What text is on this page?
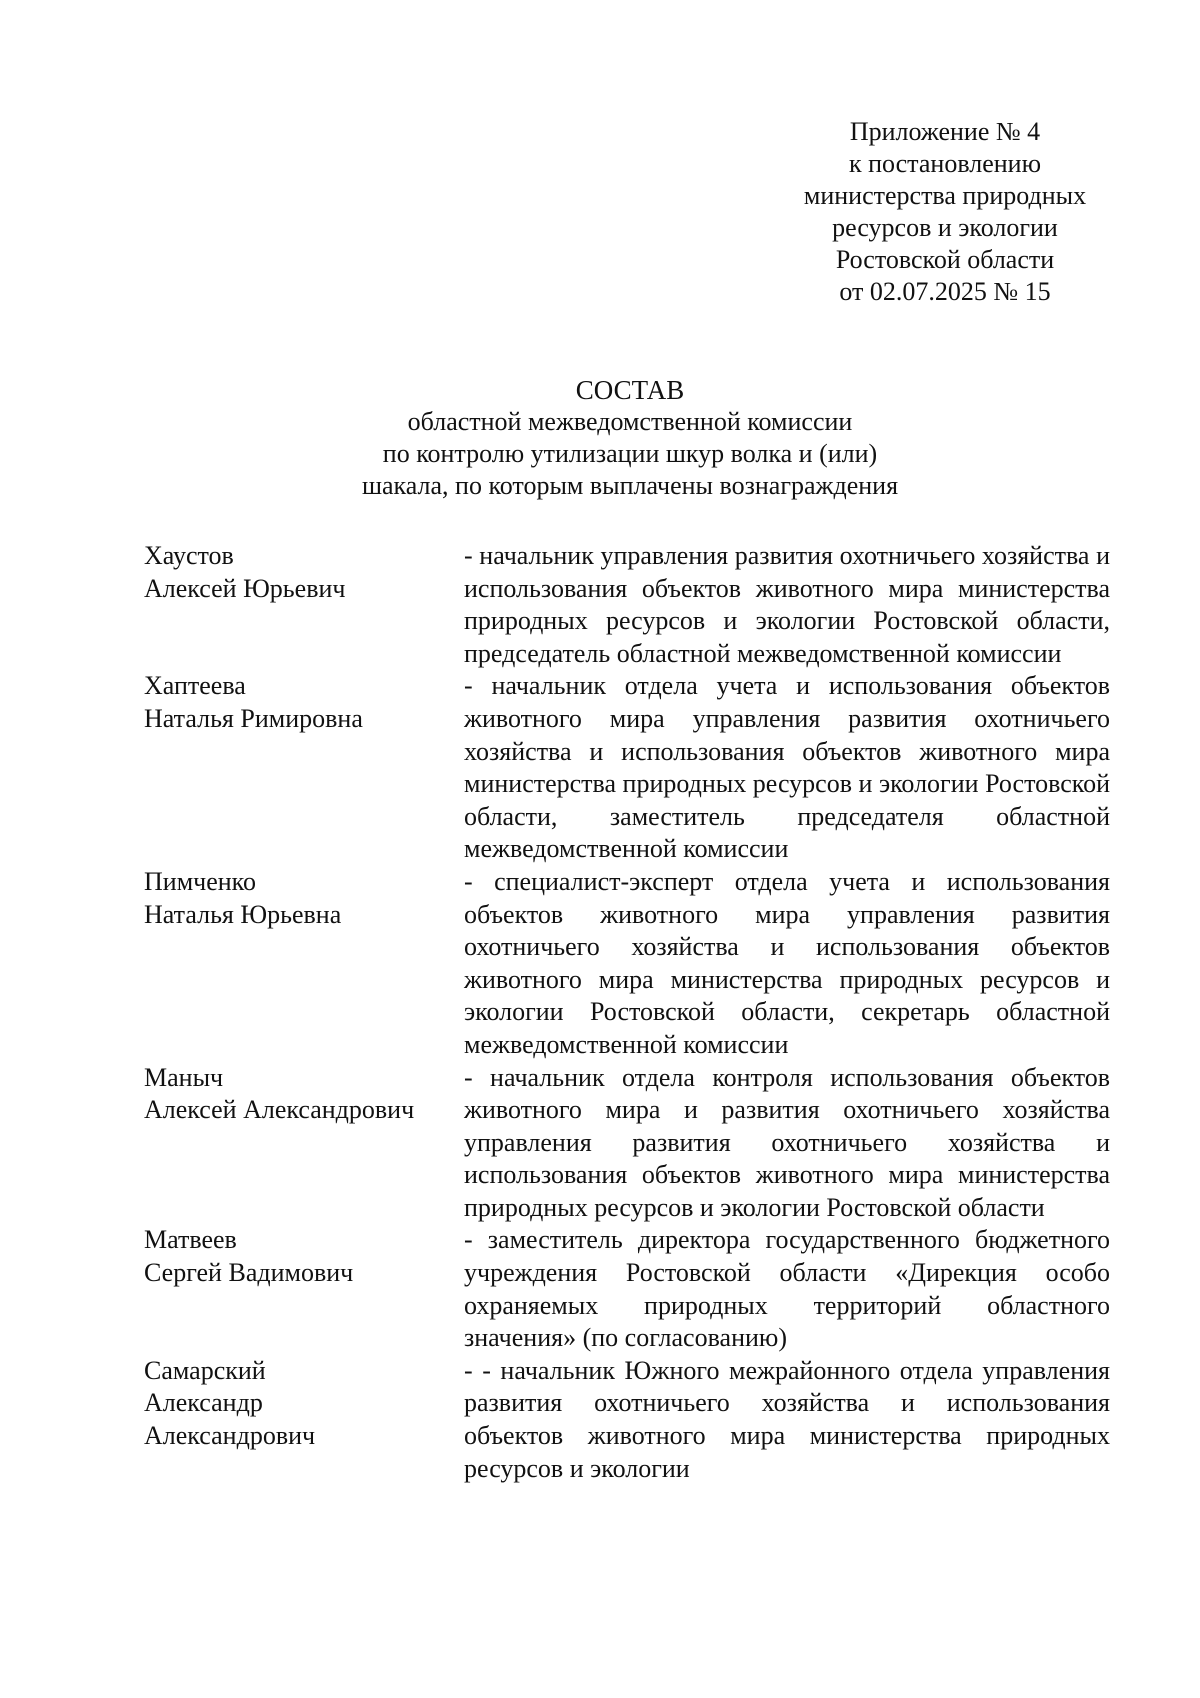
Приложение № 4
к постановлению
министерства природных
ресурсов и экологии
Ростовской области
от 02.07.2025 № 15
СОСТАВ
областной межведомственной комиссии
по контролю утилизации шкур волка и (или)
шакала, по которым выплачены вознаграждения
Хаустов
Алексей Юрьевич
- начальник управления развития охотничьего хозяйства и использования объектов животного мира министерства природных ресурсов и экологии Ростовской области, председатель областной межведомственной комиссии
Хаптеева
Наталья Римировна
- начальник отдела учета и использования объектов животного мира управления развития охотничьего хозяйства и использования объектов животного мира министерства природных ресурсов и экологии Ростовской области, заместитель председателя областной межведомственной комиссии
Пимченко
Наталья Юрьевна
- специалист-эксперт отдела учета и использования объектов животного мира управления развития охотничьего хозяйства и использования объектов животного мира министерства природных ресурсов и экологии Ростовской области, секретарь областной межведомственной комиссии
Маныч
Алексей Александрович
- начальник отдела контроля использования объектов животного мира и развития охотничьего хозяйства управления развития охотничьего хозяйства и использования объектов животного мира министерства природных ресурсов и экологии Ростовской области
Матвеев
Сергей Вадимович
- заместитель директора государственного бюджетного учреждения Ростовской области «Дирекция особо охраняемых природных территорий областного значения» (по согласованию)
Самарский
Александр
Александрович
- - начальник Южного межрайонного отдела управления развития охотничьего хозяйства и использования объектов животного мира министерства природных ресурсов и экологии
